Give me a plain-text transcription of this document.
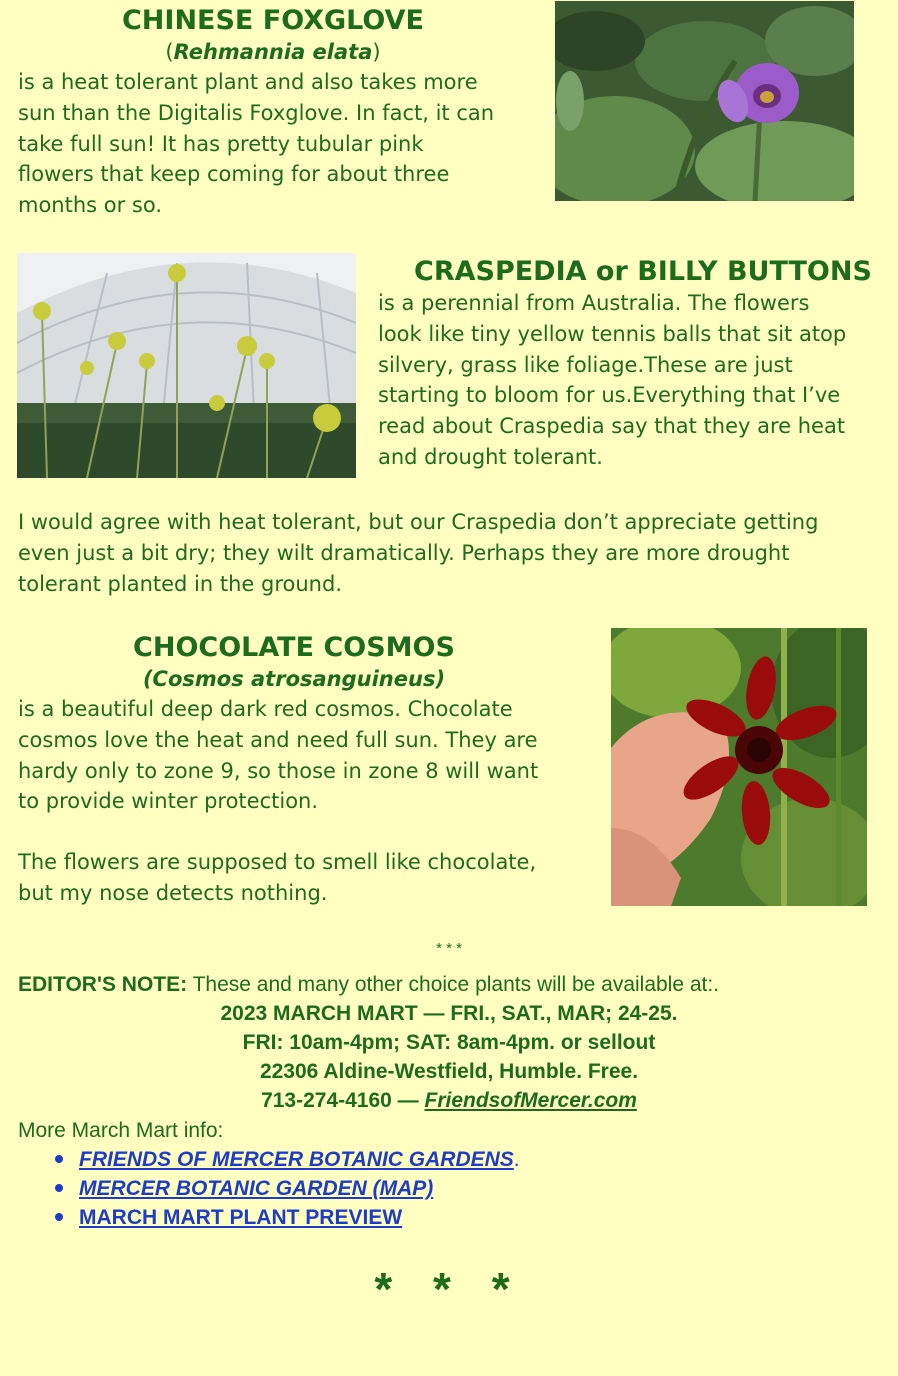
CHINESE FOXGLOVE
(Rehmannia elata)
is a heat tolerant plant and also takes more
sun than the Digitalis Foxglove. In fact, it can
take full sun! It has pretty tubular pink
flowers that keep coming for about three
months or so.
CRASPEDIA or BILLY BUTTONS
is a perennial from Australia. The flowers
look like tiny yellow tennis balls that sit atop
silvery, grass like foliage.These are just
starting to bloom for us.Everything that I’ve
read about Craspedia say that they are heat
and drought tolerant.
I would agree with heat tolerant, but our Craspedia don’t appreciate getting
even just a bit dry; they wilt dramatically. Perhaps they are more drought
tolerant planted in the ground.
CHOCOLATE COSMOS
(Cosmos atrosanguineus)
is a beautiful deep dark red cosmos. Chocolate
cosmos love the heat and need full sun. They are
hardy only to zone 9, so those in zone 8 will want
to provide winter protection.
The flowers are supposed to smell like chocolate,
but my nose detects nothing.
* * *
EDITOR'S NOTE: These and many other choice plants will be available at:.
2023 MARCH MART — FRI., SAT., MAR; 24-25.
FRI: 10am-4pm; SAT: 8am-4pm. or sellout
22306 Aldine-Westfield, Humble. Free.
713-274-4160 — FriendsofMercer.com
More March Mart info:
FRIENDS OF MERCER BOTANIC GARDENS.
MERCER BOTANIC GARDEN (MAP)
MARCH MART PLANT PREVIEW
* * *
